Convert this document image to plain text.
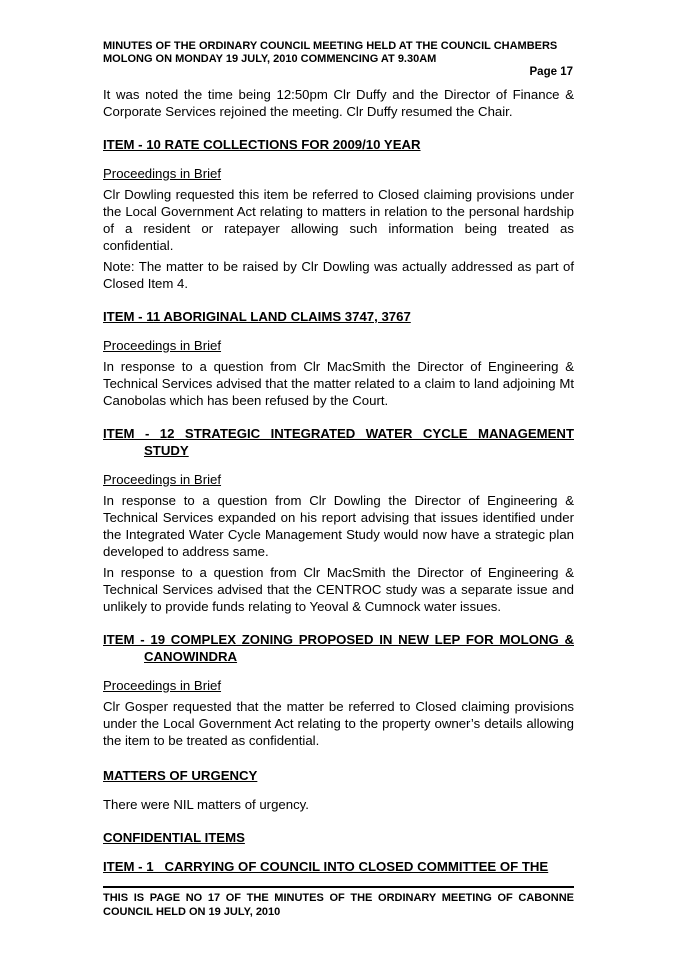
MINUTES OF THE ORDINARY COUNCIL MEETING HELD AT THE COUNCIL CHAMBERS
MOLONG ON MONDAY 19 JULY, 2010 COMMENCING AT 9.30AM
Page 17

It was noted the time being 12:50pm Clr Duffy and the Director of Finance & Corporate Services rejoined the meeting. Clr Duffy resumed the Chair.

ITEM - 10 RATE COLLECTIONS FOR 2009/10 YEAR

Proceedings in Brief

Clr Dowling requested this item be referred to Closed claiming provisions under the Local Government Act relating to matters in relation to the personal hardship of a resident or ratepayer allowing such information being treated as confidential.

Note: The matter to be raised by Clr Dowling was actually addressed as part of Closed Item 4.

ITEM - 11 ABORIGINAL LAND CLAIMS 3747, 3767

Proceedings in Brief

In response to a question from Clr MacSmith the Director of Engineering & Technical Services advised that the matter related to a claim to land adjoining Mt Canobolas which has been refused by the Court.

ITEM - 12 STRATEGIC INTEGRATED WATER CYCLE MANAGEMENT
STUDY

Proceedings in Brief

In response to a question from Clr Dowling the Director of Engineering & Technical Services expanded on his report advising that issues identified under the Integrated Water Cycle Management Study would now have a strategic plan developed to address same.

In response to a question from Clr MacSmith the Director of Engineering & Technical Services advised that the CENTROC study was a separate issue and unlikely to provide funds relating to Yeoval & Cumnock water issues.

ITEM - 19 COMPLEX ZONING PROPOSED IN NEW LEP FOR MOLONG &
CANOWINDRA

Proceedings in Brief

Clr Gosper requested that the matter be referred to Closed claiming provisions under the Local Government Act relating to the property owner’s details allowing the item to be treated as confidential.

MATTERS OF URGENCY

There were NIL matters of urgency.

CONFIDENTIAL ITEMS

ITEM - 1   CARRYING OF COUNCIL INTO CLOSED COMMITTEE OF THE

THIS IS PAGE NO 17 OF THE MINUTES OF THE ORDINARY MEETING OF CABONNE
COUNCIL HELD ON 19 JULY, 2010
